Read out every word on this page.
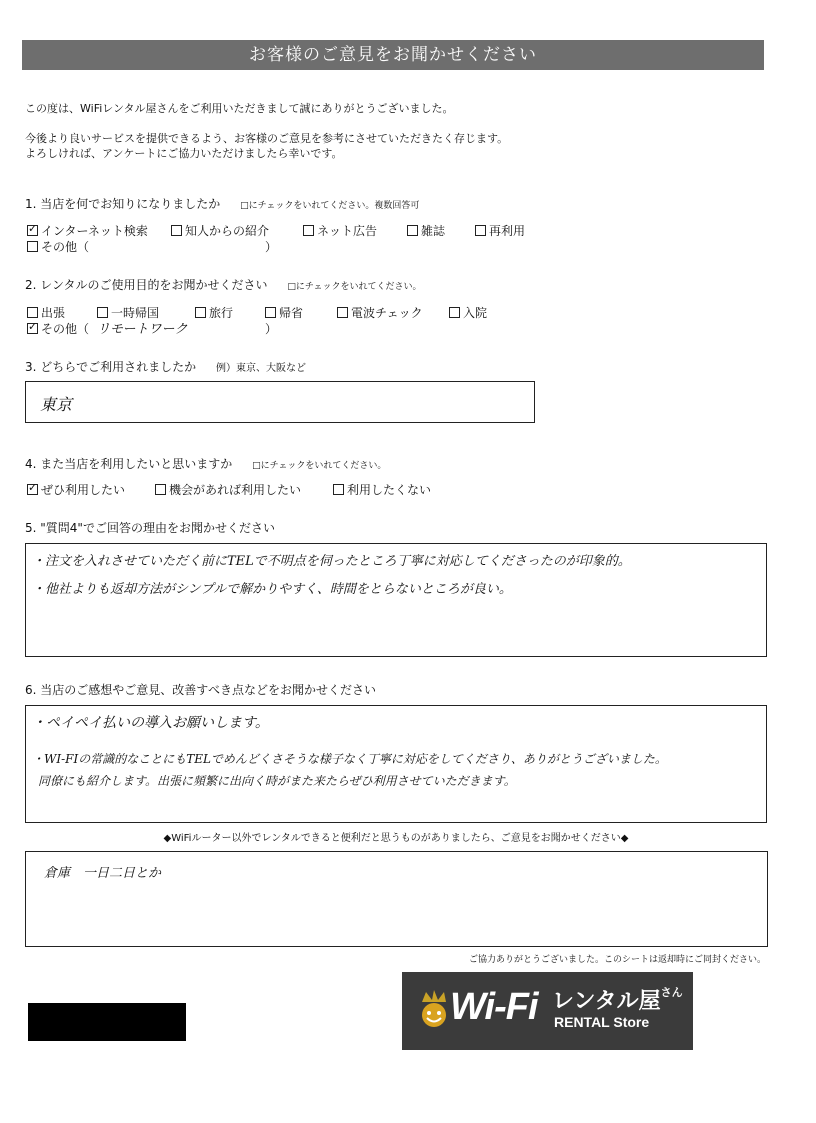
お客様のご意見をお聞かせください
この度は、WiFiレンタル屋さんをご利用いただきまして誠にありがとうございました。
今後より良いサービスを提供できるよう、お客様のご意見を参考にさせていただきたく存じます。
よろしければ、アンケートにご協力いただけましたら幸いです。
1. 当店を何でお知りになりましたか □にチェックをいれてください。複数回答可
✓インターネット検索	知人からの紹介	ネット広告	雑誌	再利用
その他（	）
2. レンタルのご使用目的をお聞かせください □にチェックをいれてください。
出張	一時帰国	旅行	帰省	電波チェック	入院
✓その他（ リモートワーク	）
3. どちらでご利用されましたか 例）東京、大阪など
東京
4. また当店を利用したいと思いますか □にチェックをいれてください。
✓ぜひ利用したい	機会があれば利用したい	利用したくない
5. "質問4"でご回答の理由をお聞かせください
・注文を入れさせていただく前にTELで不明点を伺ったところ丁寧に対応してくださったのが印象的。
・他社よりも返却方法がシンプルで解かりやすく、時間をとらないところが良い。
6. 当店のご感想やご意見、改善すべき点などをお聞かせください
・ペイペイ払いの導入お願いします。
・WI-FIの常識的なことにもTELでめんどくさそうな様子なく丁寧に対応をしてくださり、ありがとうございました。
同僚にも紹介します。出張に頻繁に出向く時がまた来たらぜひ利用させていただきます。
◆WiFiルーター以外でレンタルできると便利だと思うものがありましたら、ご意見をお聞かせください◆
倉庫　一日二日とか
ご協力ありがとうございました。このシートは返却時にご同封ください。
Wi-Fi レンタル屋$^{さん}$
RENTAL Store
